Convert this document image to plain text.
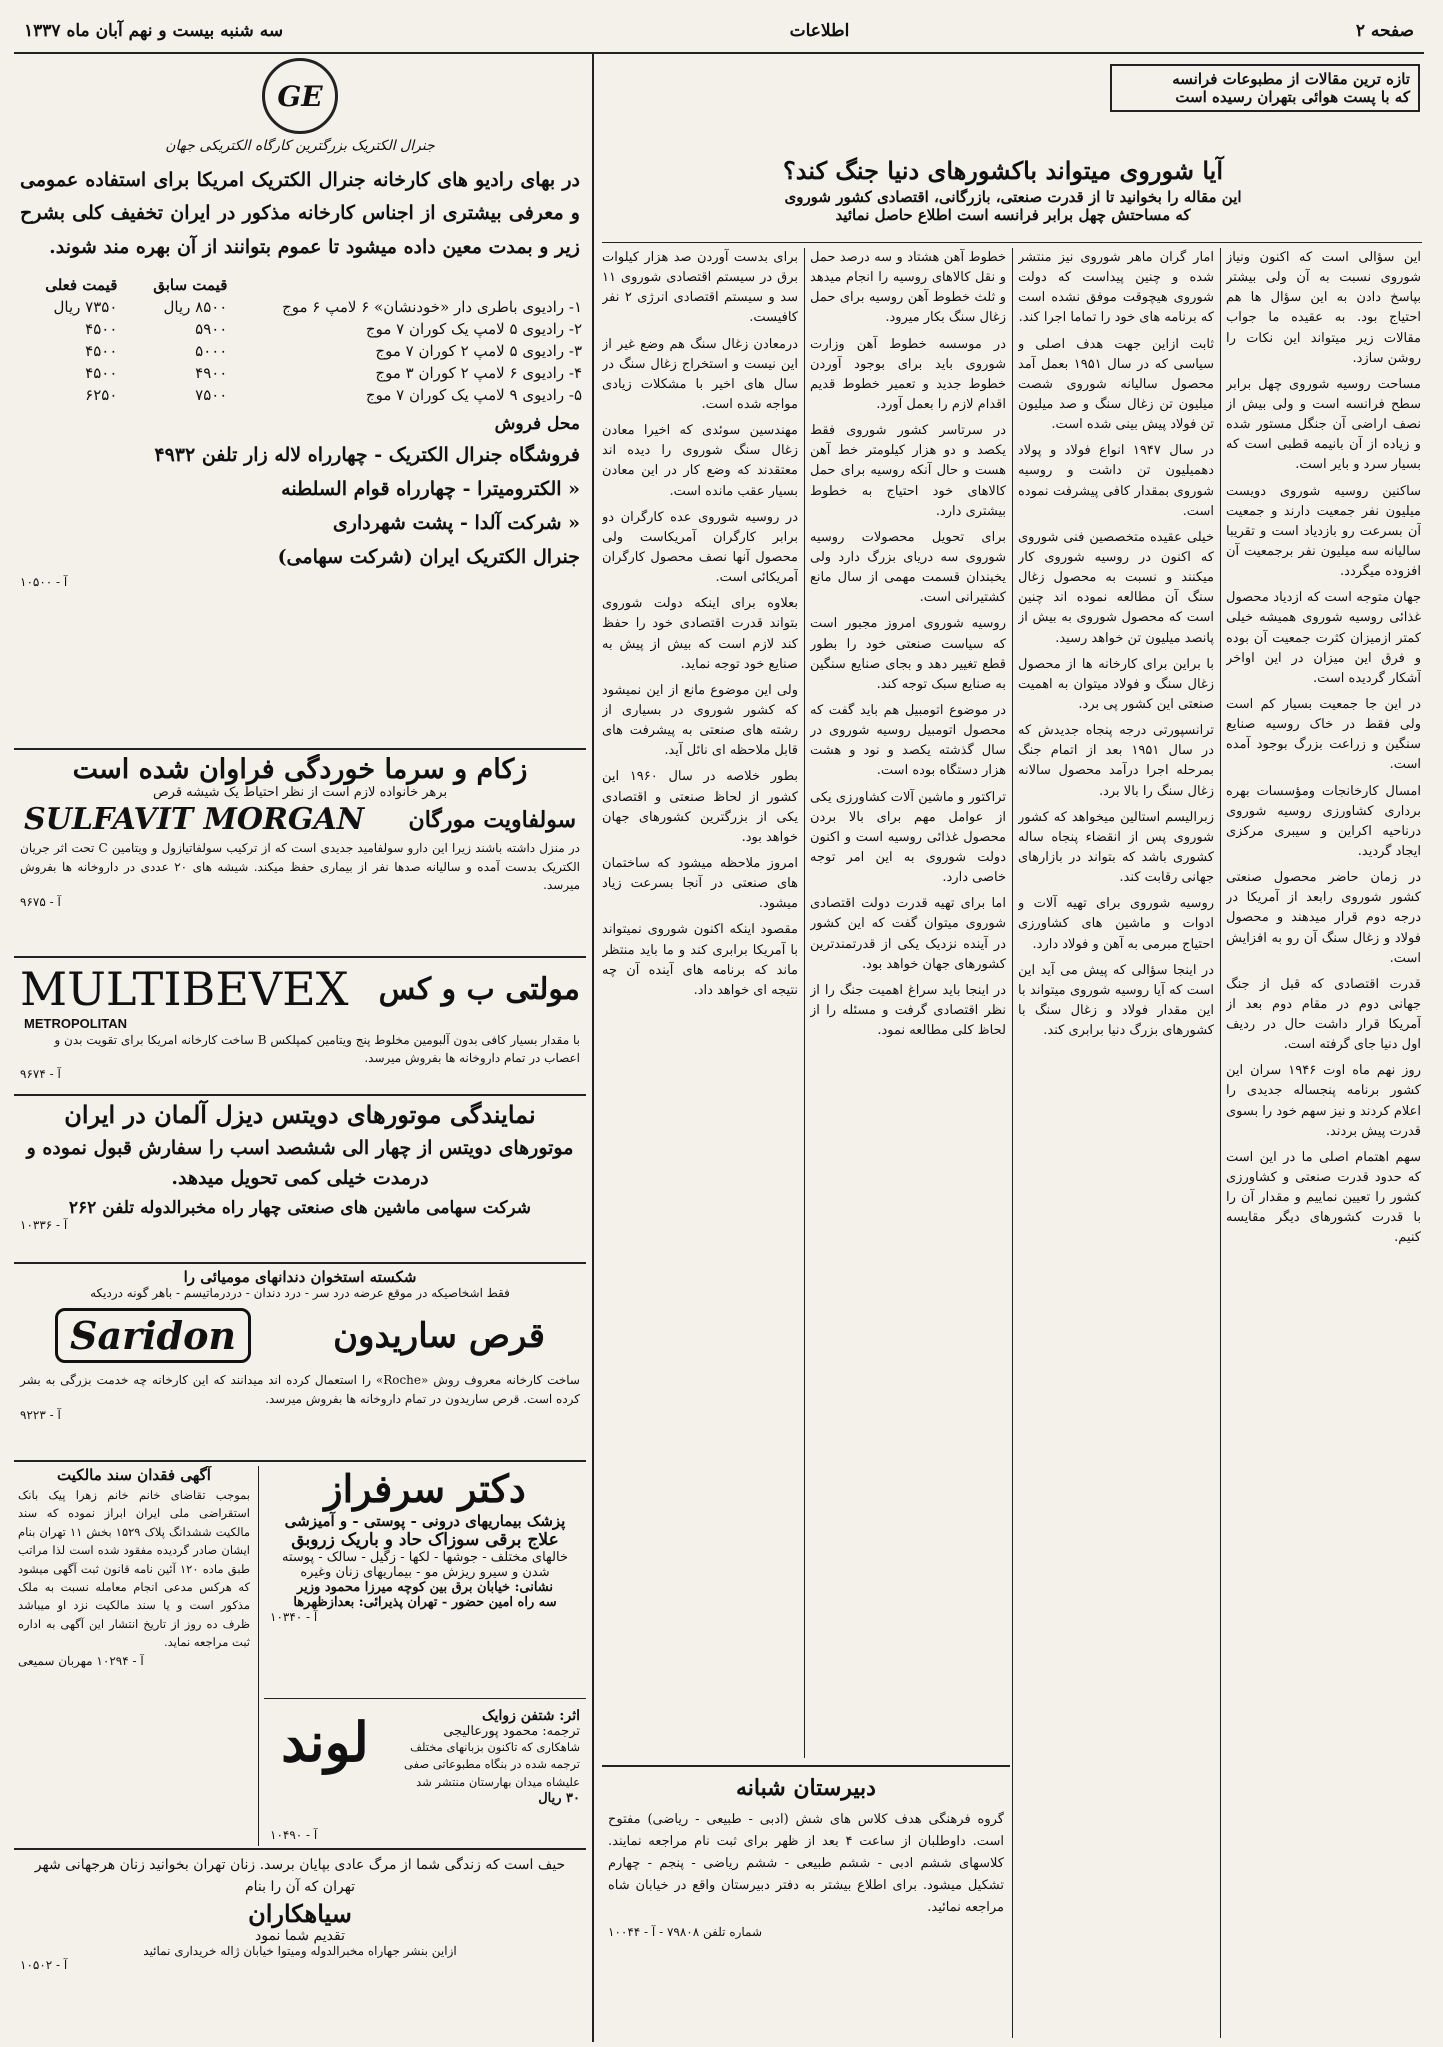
صفحه ۲
اطلاعات
سه شنبه بیست و نهم آبان ماه ۱۳۳۷
تازه ترین مقالات از مطبوعات فرانسه
که با پست هوائی بتهران رسیده است
آیا شوروی میتواند باکشورهای دنیا جنگ کند؟
این مقاله را بخوانید تا از قدرت صنعتی، بازرگانی، اقتصادی کشور شوروی
که مساحتش چهل برابر فرانسه است اطلاع حاصل نمائید

این سؤالی است که اکنون ونیاز شوروی نسبت به آن ولی بیشتر بپاسخ دادن به این سؤال ها هم احتیاج بود. به عقیده ما جواب مقالات زیر میتواند این نکات را روشن سازد.

مساحت روسیه شوروی چهل برابر سطح فرانسه است و ولی بیش از نصف اراضی آن جنگل مستور شده و زیاده از آن بانیمه قطبی است که بسیار سرد و بایر است.

ساکنین روسیه شوروی دویست میلیون نفر جمعیت دارند و جمعیت آن بسرعت رو بازدیاد است و تقریبا سالیانه سه میلیون نفر برجمعیت آن افزوده میگردد.

جهان متوجه است که ازدیاد محصول غذائی روسیه شوروی همیشه خیلی کمتر ازمیزان کثرت جمعیت آن بوده و فرق این میزان در این اواخر آشکار گردیده است.

در این جا جمعیت بسیار کم است ولی فقط در خاک روسیه صنایع سنگین و زراعت بزرگ بوجود آمده است.

امسال کارخانجات ومؤسسات بهره برداری کشاورزی روسیه شوروی درناحیه اکراین و سیبری مرکزی ایجاد گردید.

در زمان حاضر محصول صنعتی کشور شوروی رابعد از آمریکا در درجه دوم قرار میدهند و محصول فولاد و زغال سنگ آن رو به افزایش است.

قدرت اقتصادی که قبل از جنگ جهانی دوم در مقام دوم بعد از آمریکا قرار داشت حال در ردیف اول دنیا جای گرفته است.

روز نهم ماه اوت ۱۹۴۶ سران این کشور برنامه پنجساله جدیدی را اعلام کردند و نیز سهم خود را بسوی قدرت پیش بردند.

سهم اهتمام اصلی ما در این است که حدود قدرت صنعتی و کشاورزی کشور را تعیین نماییم و مقدار آن را با قدرت کشورهای دیگر مقایسه کنیم.

امار گران ماهر شوروی نیز منتشر شده و چنین پیداست که دولت شوروی هیچوقت موفق نشده است که برنامه های خود را تماما اجرا کند.

ثابت ازاین جهت هدف اصلی و سیاسی که در سال ۱۹۵۱ بعمل آمد محصول ساليانه شوروی شصت میلیون تن زغال سنگ و صد میلیون تن فولاد پیش بینی شده است.

در سال ۱۹۴۷ انواع فولاد و پولاد دهمیلیون تن داشت و روسیه شوروی بمقدار کافی پیشرفت نموده است.

خیلی عقیده متخصصین فنی شوروی که اکنون در روسیه شوروی کار میکنند و نسبت به محصول زغال سنگ آن مطالعه نموده اند چنین است که محصول شوروی به بیش از پانصد میلیون تن خواهد رسید.

با براین برای کارخانه ها از محصول زغال سنگ و فولاد میتوان به اهمیت صنعتی این کشور پی برد.

ترانسپورتی درجه پنجاه جدیدش که در سال ۱۹۵۱ بعد از اتمام جنگ بمرحله اجرا درآمد محصول سالانه زغال سنگ را بالا برد.

زبرالیسم استالین میخواهد که کشور شوروی پس از انقضاء پنجاه ساله کشوری باشد که بتواند در بازارهای جهانی رقابت کند.

روسیه شوروی برای تهیه آلات و ادوات و ماشین های کشاورزی احتیاج مبرمی به آهن و فولاد دارد.

در اینجا سؤالی که پیش می آید این است که آیا روسیه شوروی میتواند با این مقدار فولاد و زغال سنگ با کشورهای بزرگ دنیا برابری کند.

خطوط آهن هشتاد و سه درصد حمل و نقل کالاهای روسیه را انجام میدهد و ثلث خطوط آهن روسیه برای حمل زغال سنگ بکار میرود.

در موسسه خطوط آهن وزارت شوروی باید برای بوجود آوردن خطوط جدید و تعمیر خطوط قدیم اقدام لازم را بعمل آورد.

در سرتاسر کشور شوروی فقط یکصد و دو هزار کیلومتر خط آهن هست و حال آنکه روسیه برای حمل کالاهای خود احتیاج به خطوط بیشتری دارد.

برای تحویل محصولات روسیه شوروی سه دریای بزرگ دارد ولی یخبندان قسمت مهمی از سال مانع کشتیرانی است.

روسیه شوروی امروز مجبور است که سیاست صنعتی خود را بطور قطع تغییر دهد و بجای صنایع سنگین به صنایع سبک توجه کند.

در موضوع اتومبیل هم باید گفت که محصول اتومبیل روسیه شوروی در سال گذشته یکصد و نود و هشت هزار دستگاه بوده است.

تراکتور و ماشین آلات کشاورزی یکی از عوامل مهم برای بالا بردن محصول غذائی روسیه است و اکنون دولت شوروی به این امر توجه خاصی دارد.

اما برای تهیه قدرت دولت اقتصادی شوروی میتوان گفت که این کشور در آینده نزدیک یکی از قدرتمندترین کشورهای جهان خواهد بود.

در اینجا باید سراغ اهمیت جنگ را از نظر اقتصادی گرفت و مسئله را از لحاظ کلی مطالعه نمود.

برای بدست آوردن صد هزار کیلوات برق در سیستم اقتصادی شوروی ۱۱ سد و سیستم اقتصادی انرژی ۲ نفر کافیست.

درمعادن زغال سنگ هم وضع غیر از این نیست و استخراج زغال سنگ در سال های اخیر با مشکلات زیادی مواجه شده است.

مهندسین سوئدی که اخیرا معادن زغال سنگ شوروی را دیده اند معتقدند که وضع کار در این معادن بسیار عقب مانده است.

در روسیه شوروی عده کارگران دو برابر کارگران آمریکاست ولی محصول آنها نصف محصول کارگران آمریکائی است.

بعلاوه برای اینکه دولت شوروی بتواند قدرت اقتصادی خود را حفظ کند لازم است که بیش از پیش به صنایع خود توجه نماید.

ولی این موضوع مانع از این نمیشود که کشور شوروی در بسیاری از رشته های صنعتی به پیشرفت های قابل ملاحظه ای نائل آید.

بطور خلاصه در سال ۱۹۶۰ این کشور از لحاظ صنعتی و اقتصادی یکی از بزرگترین کشورهای جهان خواهد بود.

امروز ملاحظه میشود که ساختمان های صنعتی در آنجا بسرعت زیاد میشود.

مقصود اینکه اکنون شوروی نمیتواند با آمریکا برابری کند و ما باید منتظر ماند که برنامه های آینده آن چه نتیجه ای خواهد داد.

دبیرستان شبانه
گروه فرهنگی هدف کلاس های شش (ادبی - طبیعی - ریاضی) مفتوح است. داوطلبان از ساعت ۴ بعد از ظهر برای ثبت نام مراجعه نمایند. کلاسهای ششم ادبی - ششم طبیعی - ششم ریاضی - پنجم - چهارم تشکیل میشود. برای اطلاع بیشتر به دفتر دبیرستان واقع در خیابان شاه مراجعه نمائید.
شماره تلفن ۷۹۸۰۸ - آ - ۱۰۰۴۴
GE
جنرال الکتریک بزرگترین کارگاه الکتریکی جهان
در بهای رادیو های کارخانه جنرال الکتریک امریکا برای استفاده عمومی و معرفی بیشتری از اجناس کارخانه مذکور در ایران تخفیف کلی بشرح زیر و بمدت معین داده میشود تا عموم بتوانند از آن بهره مند شوند.
	قیمت سابق	قیمت فعلی
۱- رادیوی باطری دار «خودنشان» ۶ لامپ ۶ موج	۸۵۰۰ ریال	۷۳۵۰ ریال
۲- رادیوی ۵ لامپ یک کوران ۷ موج	۵۹۰۰	۴۵۰۰
۳- رادیوی ۵ لامپ ۲ کوران ۷ موج	۵۰۰۰	۴۵۰۰
۴- رادیوی ۶ لامپ ۲ کوران ۳ موج	۴۹۰۰	۴۵۰۰
۵- رادیوی ۹ لامپ یک کوران ۷ موج	۷۵۰۰	۶۲۵۰
محل فروش
فروشگاه جنرال الکتریک - چهارراه لاله زار تلفن ۴۹۳۲
« الکترومیترا - چهارراه قوام السلطنه
« شرکت آلدا - پشت شهرداری
جنرال الکتریک ایران (شرکت سهامی)
آ - ۱۰۵۰۰
زکام و سرما خوردگی فراوان شده است
برهر خانواده لازم است از نظر احتیاط یک شیشه قرص
سولفاویت مورگان
SULFAVIT MORGAN
در منزل داشته باشند زیرا این دارو سولفامید جدیدی است که از ترکیب سولفاتیازول و ویتامین C تحت اثر جریان الکتریک بدست آمده و سالیانه صدها نفر از بیماری حفظ میکند. شیشه های ۲۰ عددی در داروخانه ها بفروش میرسد.
آ - ۹۶۷۵
مولتی ب و کس
MULTIBEVEX
METROPOLITAN
با مقدار بسیار کافی بدون آلبومین مخلوط پنج ویتامین کمپلکس B ساخت کارخانه امریکا برای تقویت بدن و اعصاب در تمام داروخانه ها بفروش میرسد.
آ - ۹۶۷۴
نمایندگی موتورهای دویتس دیزل آلمان در ایران
موتورهای دویتس از چهار الی ششصد اسب را سفارش قبول نموده و درمدت خیلی کمی تحویل میدهد.
شرکت سهامی ماشین های صنعتی چهار راه مخبرالدوله تلفن ۲۶۲
آ - ۱۰۳۳۶
شکسته استخوان دندانهای مومیائی را
فقط اشخاصیکه در موقع عرضه درد سر - درد دندان - دردرماتیسم - باهر گونه دردیکه
قرص ساریدون
Saridon
ساخت کارخانه معروف روش «Roche» را استعمال کرده اند میدانند که این کارخانه چه خدمت بزرگی به بشر کرده است. قرص ساریدون در تمام داروخانه ها بفروش میرسد.
آ - ۹۲۲۳
دکتر سرفراز
پزشک بیماریهای درونی - پوستی - و آمیزشی
علاج برقی سوزاک حاد و باریک زروبق
خالهای مختلف - جوشها - لکها - زگیل - سالک - پوسته
شدن و سیرو ریزش مو - بیماریهای زنان وغیره
نشانی: خیابان برق بین کوچه میرزا محمود وزیر
سه راه امین حضور - تهران پذیرائی: بعدازظهرها
آ - ۱۰۳۴۰
آگهی فقدان سند مالکیت
بموجب تقاضای خانم خانم زهرا پیک بانک استقراضی ملی ایران ابراز نموده که سند مالکیت ششدانگ پلاک ۱۵۲۹ بخش ۱۱ تهران بنام ایشان صادر گردیده مفقود شده است لذا مراتب طبق ماده ۱۲۰ آئین نامه قانون ثبت آگهی میشود که هرکس مدعی انجام معامله نسبت به ملک مذکور است و یا سند مالکیت نزد او میباشد ظرف ده روز از تاریخ انتشار این آگهی به اداره ثبت مراجعه نماید.
آ - ۱۰۲۹۴ مهربان سمیعی
لوند	اثر: شتفن زوایک
ترجمه: محمود پورعالیجی
شاهکاری که تاکنون بزبانهای مختلف ترجمه شده در بنگاه مطبوعاتی صفی علیشاه میدان بهارستان منتشر شد
۳۰ ریال
آ - ۱۰۴۹۰
حیف است که زندگی شما از مرگ عادی بپایان برسد. زنان تهران بخوانید زنان هرجهانی شهر تهران که آن را بنام
سیاهکاران
تقدیم شما نمود
ازاین بنشر جهاراه مخبرالدوله ومیتوا خیابان ژاله خریداری نمائید
آ - ۱۰۵۰۲
